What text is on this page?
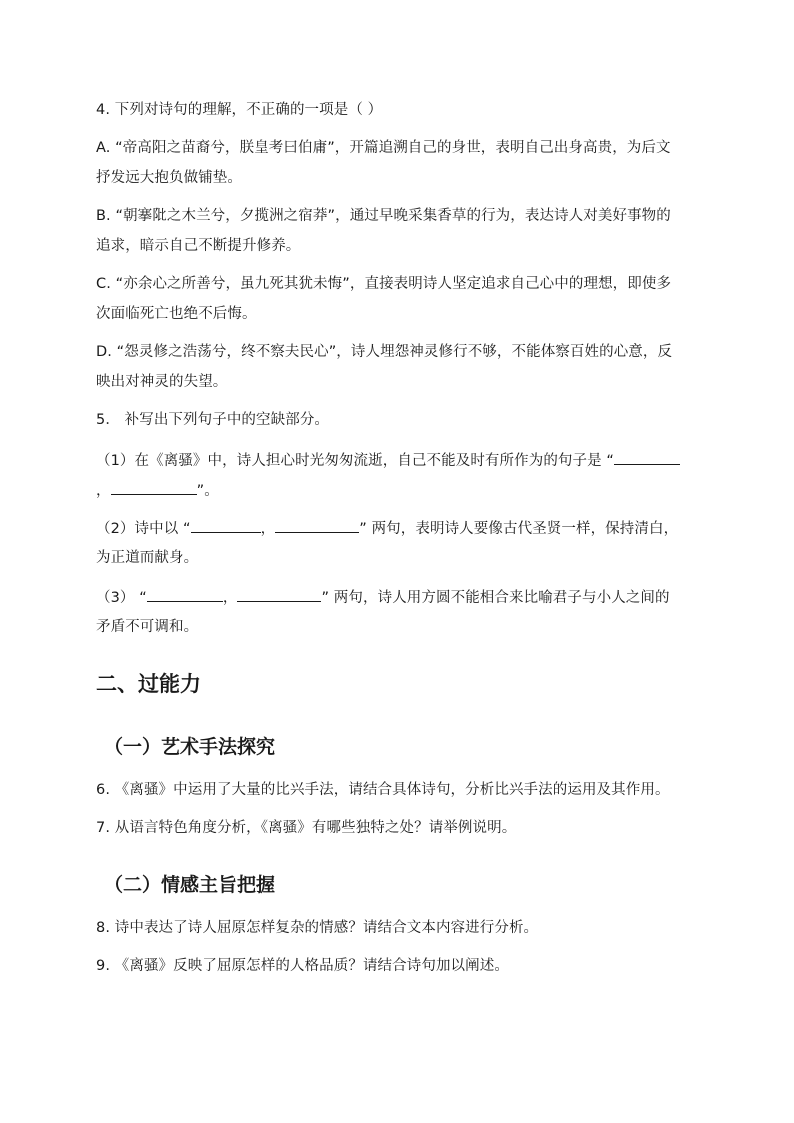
4. 下列对诗句的理解，不正确的一项是（ ）
A. “帝高阳之苗裔兮，朕皇考曰伯庸”，开篇追溯自己的身世，表明自己出身高贵，为后文
抒发远大抱负做铺垫。
B. “朝搴阰之木兰兮，夕揽洲之宿莽”，通过早晚采集香草的行为，表达诗人对美好事物的
追求，暗示自己不断提升修养。
C. “亦余心之所善兮，虽九死其犹未悔”，直接表明诗人坚定追求自己心中的理想，即使多
次面临死亡也绝不后悔。
D. “怨灵修之浩荡兮，终不察夫民心”，诗人埋怨神灵修行不够，不能体察百姓的心意，反
映出对神灵的失望。
5． 补写出下列句子中的空缺部分。
（1）在《离骚》中，诗人担心时光匆匆流逝，自己不能及时有所作为的句子是 “
，	”。
（2）诗中以 “	，	” 两句，表明诗人要像古代圣贤一样，保持清白，
为正道而献身。
（3） “	，	” 两句，诗人用方圆不能相合来比喻君子与小人之间的
矛盾不可调和。
二、过能力
（一）艺术手法探究
6. 《离骚》中运用了大量的比兴手法，请结合具体诗句，分析比兴手法的运用及其作用。
7. 从语言特色角度分析，《离骚》有哪些独特之处？请举例说明。
（二）情感主旨把握
8. 诗中表达了诗人屈原怎样复杂的情感？请结合文本内容进行分析。
9. 《离骚》反映了屈原怎样的人格品质？请结合诗句加以阐述。
